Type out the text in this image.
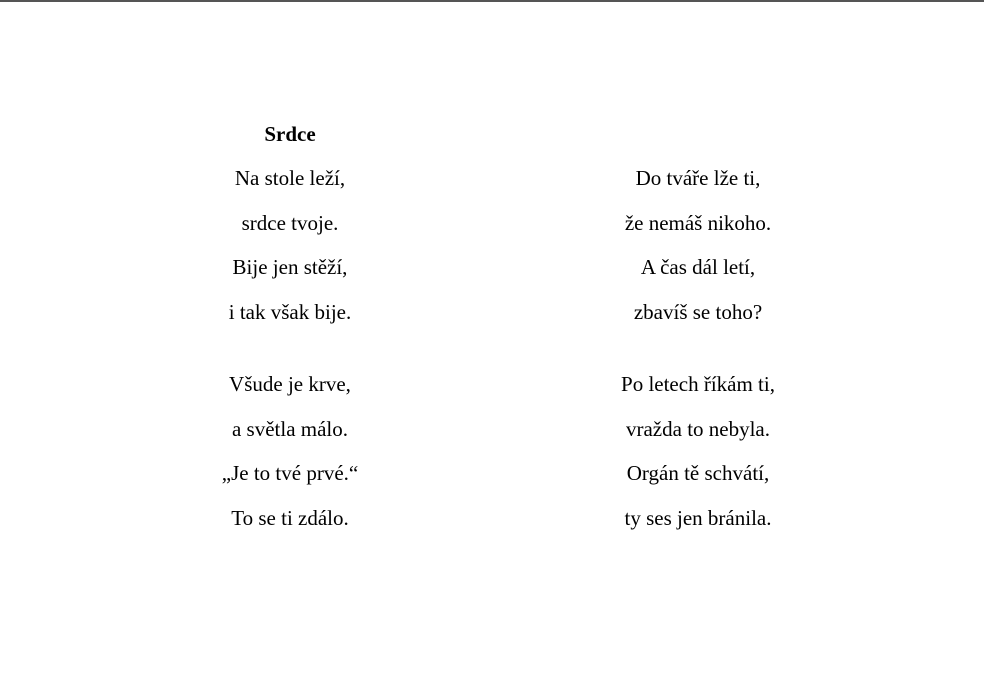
Srdce
Na stole leží,
srdce tvoje.
Bije jen stěží,
i tak však bije.
Všude je krve,
a světla málo.
„Je to tvé prvé.“
To se ti zdálo.
Do tváře lže ti,
že nemáš nikoho.
A čas dál letí,
zbavíš se toho?
Po letech říkám ti,
vražda to nebyla.
Orgán tě schvátí,
ty ses jen bránila.
